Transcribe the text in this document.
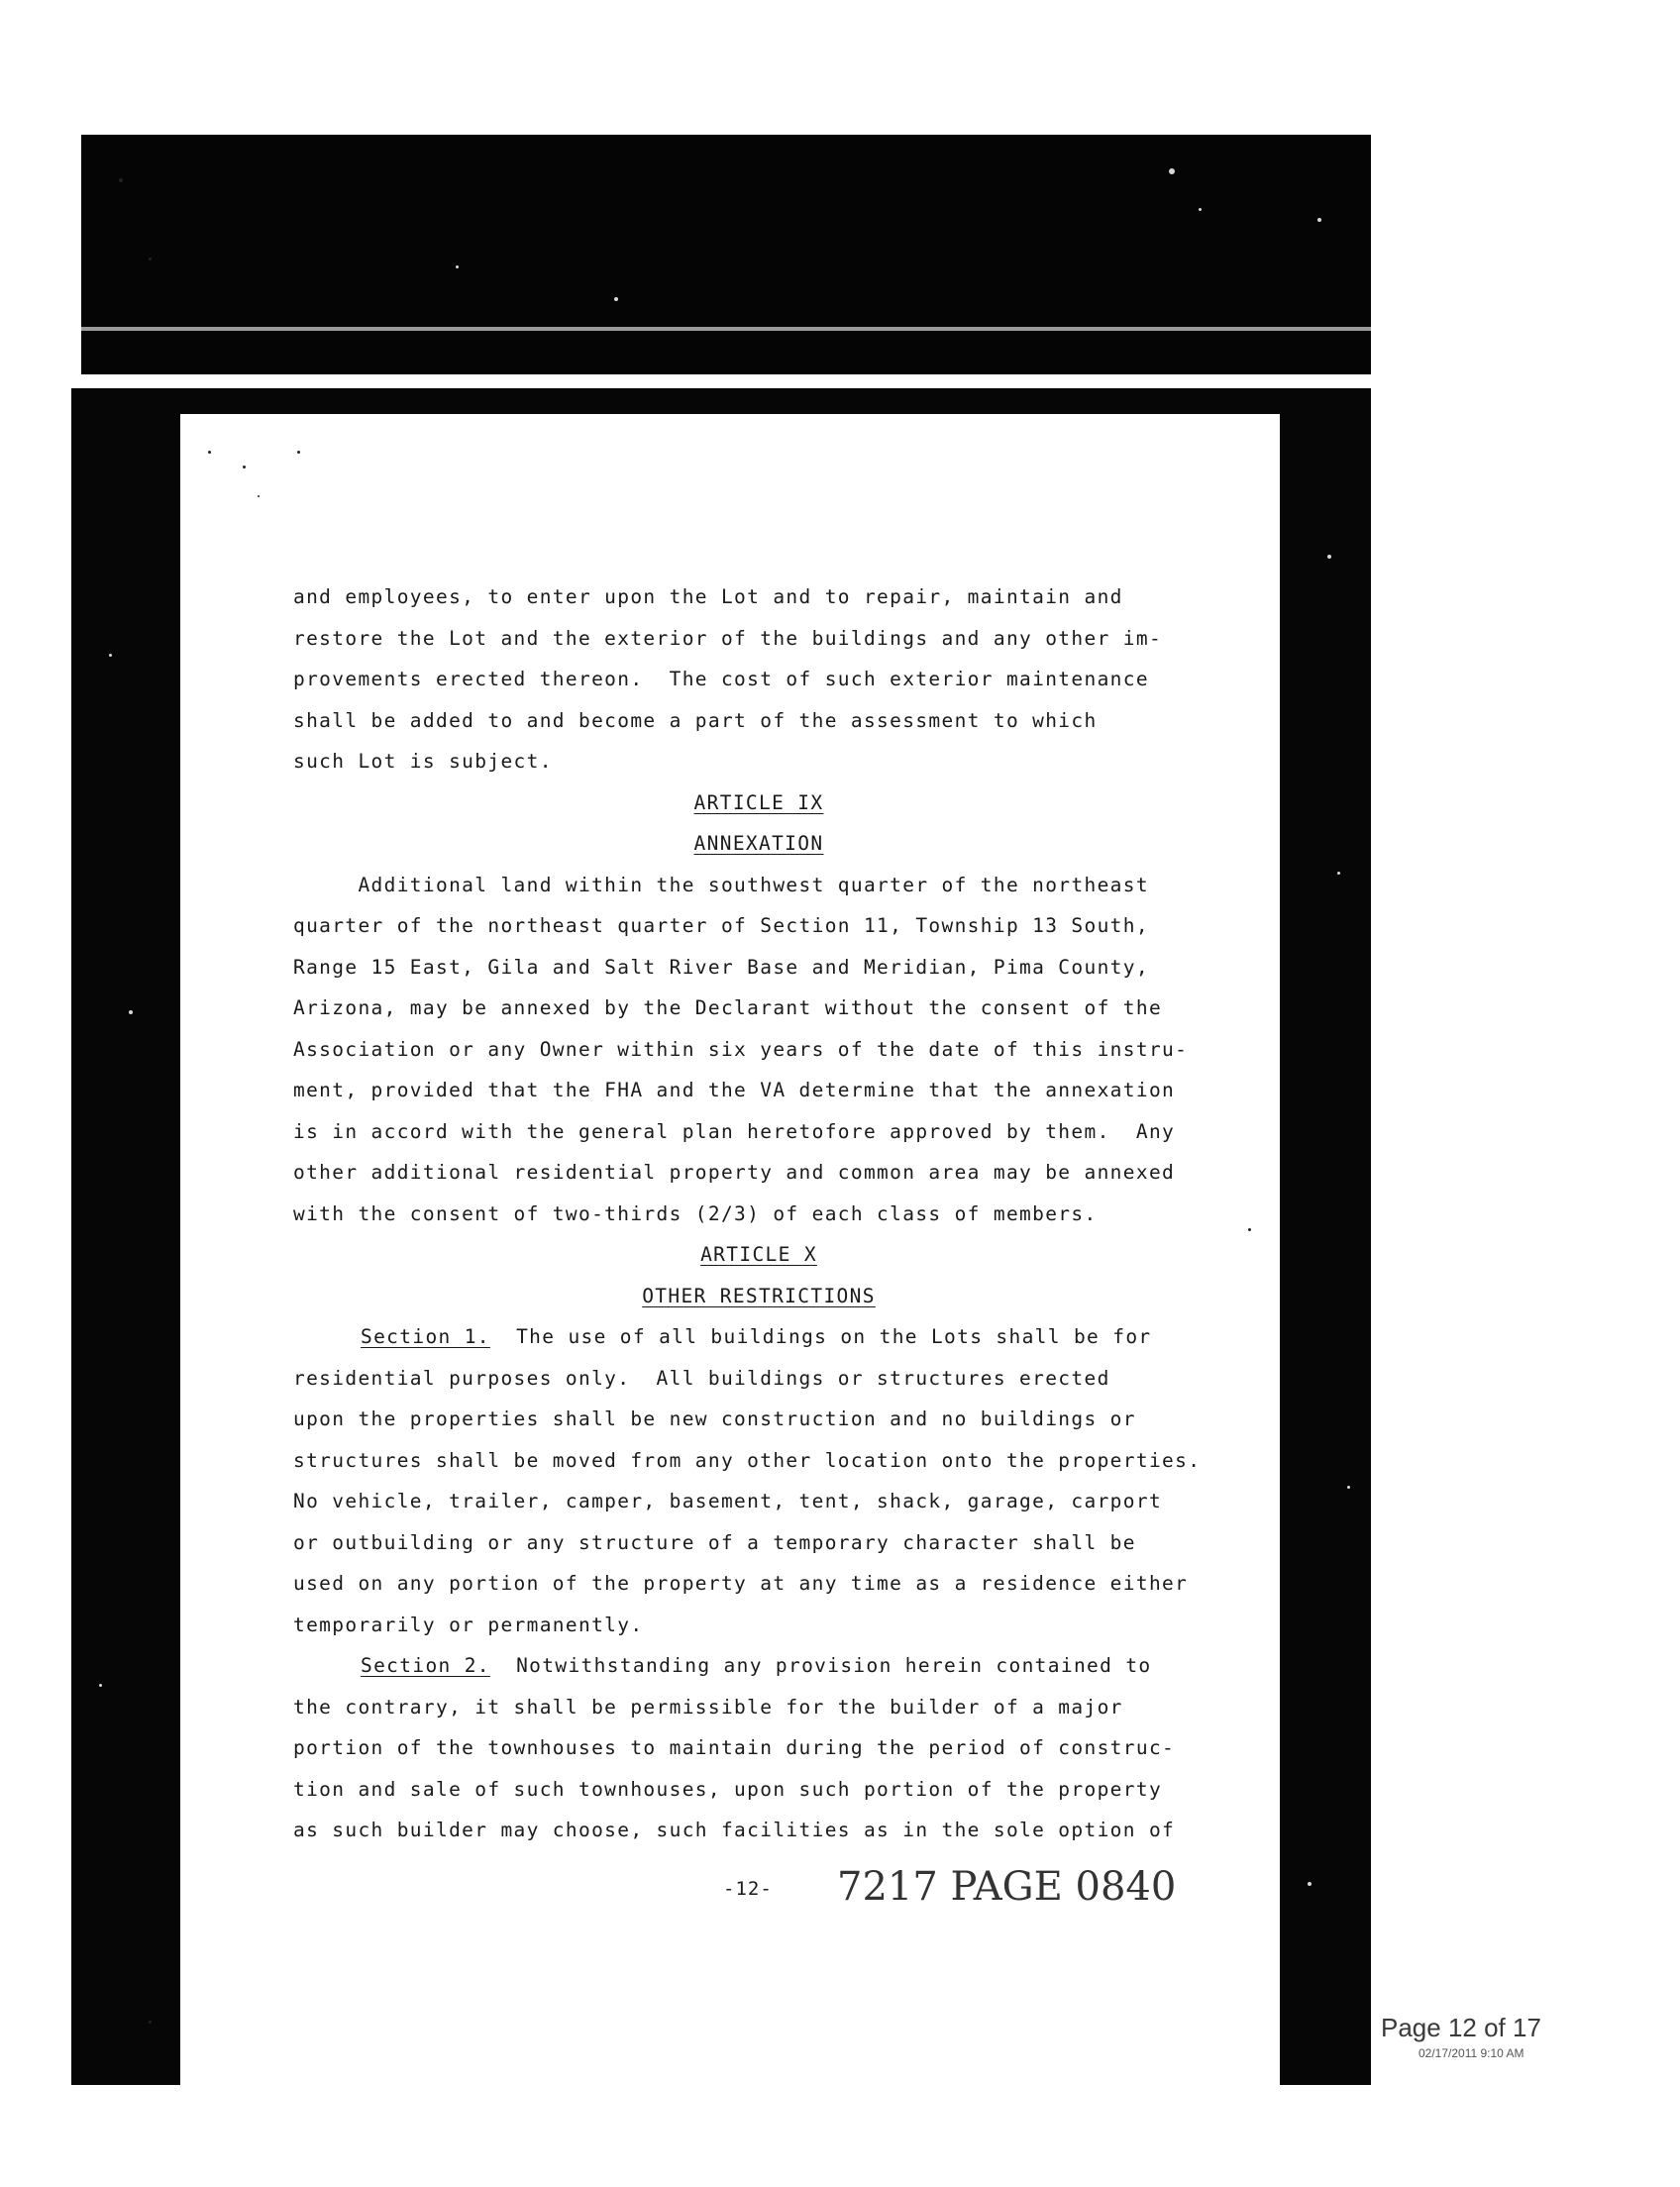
and employees, to enter upon the Lot and to repair, maintain and
restore the Lot and the exterior of the buildings and any other im-
provements erected thereon.  The cost of such exterior maintenance
shall be added to and become a part of the assessment to which
such Lot is subject.
ARTICLE IX
ANNEXATION
Additional land within the southwest quarter of the northeast
quarter of the northeast quarter of Section 11, Township 13 South,
Range 15 East, Gila and Salt River Base and Meridian, Pima County,
Arizona, may be annexed by the Declarant without the consent of the
Association or any Owner within six years of the date of this instru-
ment, provided that the FHA and the VA determine that the annexation
is in accord with the general plan heretofore approved by them.  Any
other additional residential property and common area may be annexed
with the consent of two-thirds (2/3) of each class of members.
ARTICLE X
OTHER RESTRICTIONS
Section 1.  The use of all buildings on the Lots shall be for
residential purposes only.  All buildings or structures erected
upon the properties shall be new construction and no buildings or
structures shall be moved from any other location onto the properties.
No vehicle, trailer, camper, basement, tent, shack, garage, carport
or outbuilding or any structure of a temporary character shall be
used on any portion of the property at any time as a residence either
temporarily or permanently.
Section 2.  Notwithstanding any provision herein contained to
the contrary, it shall be permissible for the builder of a major
portion of the townhouses to maintain during the period of construc-
tion and sale of such townhouses, upon such portion of the property
as such builder may choose, such facilities as in the sole option of
-12- 7217 PAGE 0840
Page 12 of 17
02/17/2011 9:10 AM
